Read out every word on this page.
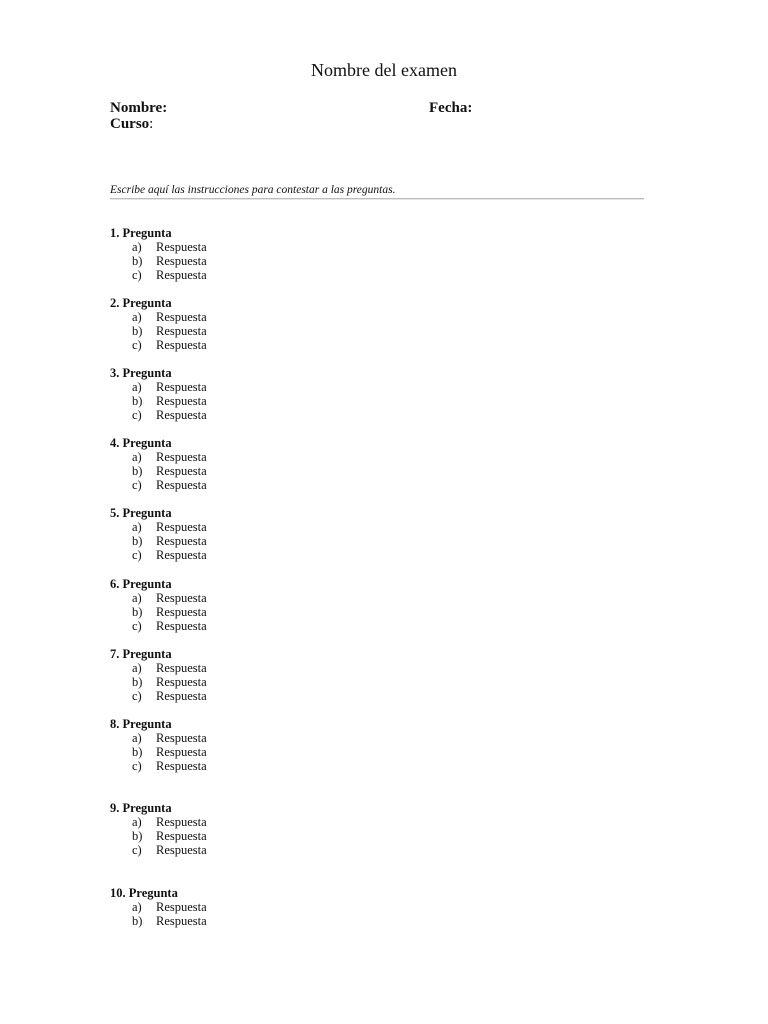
Nombre del examen
Nombre:	Fecha:
Curso:
Escribe aquí las instrucciones para contestar a las preguntas.
1. Pregunta
a) Respuesta
b) Respuesta
c) Respuesta
2. Pregunta
a) Respuesta
b) Respuesta
c) Respuesta
3. Pregunta
a) Respuesta
b) Respuesta
c) Respuesta
4. Pregunta
a) Respuesta
b) Respuesta
c) Respuesta
5. Pregunta
a) Respuesta
b) Respuesta
c) Respuesta
6. Pregunta
a) Respuesta
b) Respuesta
c) Respuesta
7. Pregunta
a) Respuesta
b) Respuesta
c) Respuesta
8. Pregunta
a) Respuesta
b) Respuesta
c) Respuesta
9. Pregunta
a) Respuesta
b) Respuesta
c) Respuesta
10. Pregunta
a) Respuesta
b) Respuesta
